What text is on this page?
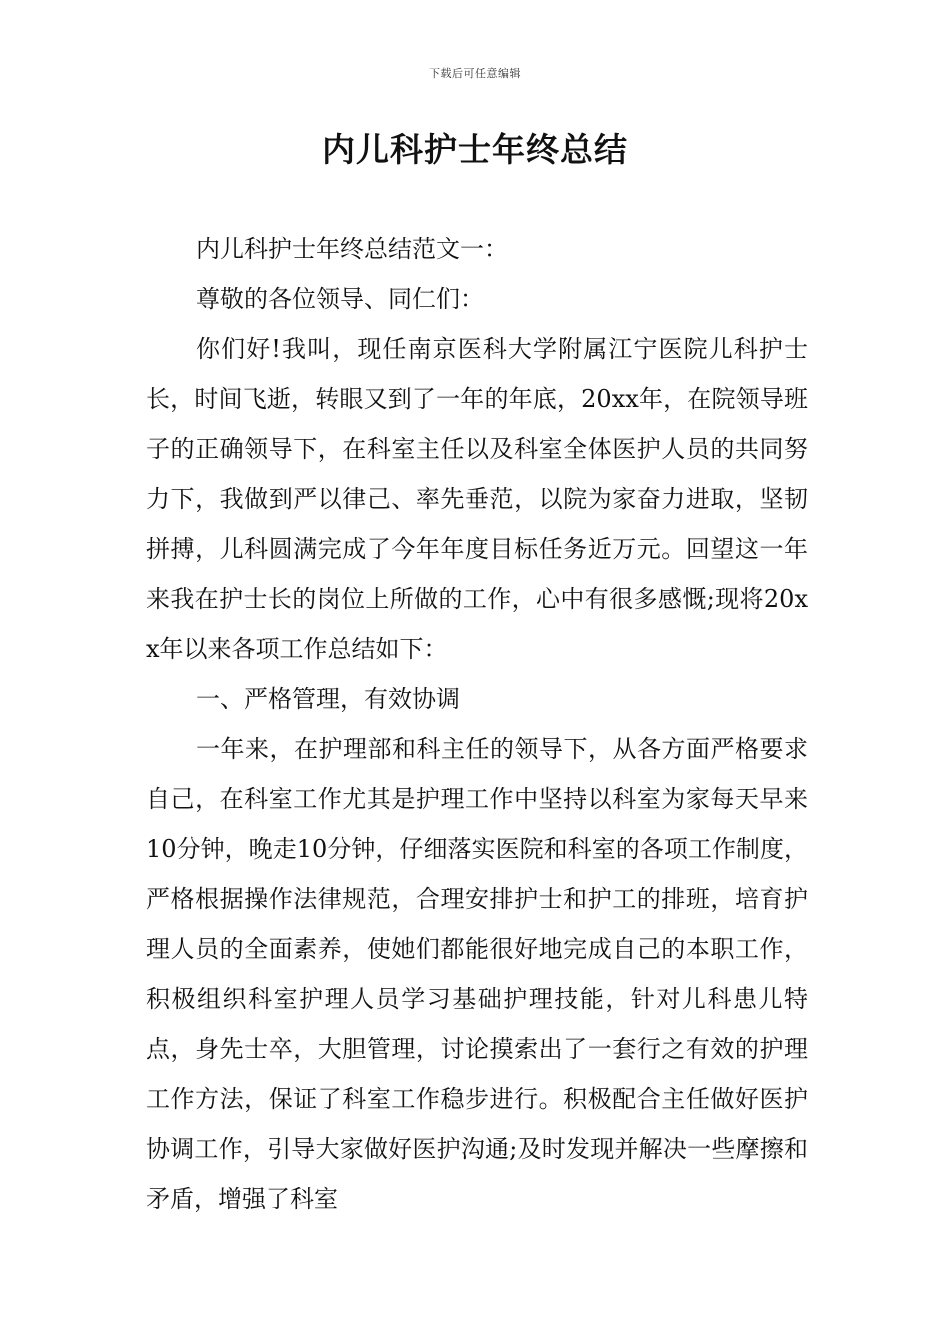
下载后可任意编辑
内儿科护士年终总结

内儿科护士年终总结范文一：

尊敬的各位领导、同仁们：

你们好!我叫，现任南京医科大学附属江宁医院儿科护士长，时间飞逝，转眼又到了一年的年底，20xx年，在院领导班子的正确领导下，在科室主任以及科室全体医护人员的共同努力下，我做到严以律己、率先垂范，以院为家奋力进取，坚韧拼搏，儿科圆满完成了今年年度目标任务近万元。回望这一年来我在护士长的岗位上所做的工作，心中有很多感慨;现将20xx年以来各项工作总结如下：

一、严格管理，有效协调

一年来，在护理部和科主任的领导下，从各方面严格要求自己，在科室工作尤其是护理工作中坚持以科室为家每天早来10分钟，晚走10分钟，仔细落实医院和科室的各项工作制度，严格根据操作法律规范，合理安排护士和护工的排班，培育护理人员的全面素养，使她们都能很好地完成自己的本职工作，积极组织科室护理人员学习基础护理技能，针对儿科患儿特点，身先士卒，大胆管理，讨论摸索出了一套行之有效的护理工作方法，保证了科室工作稳步进行。积极配合主任做好医护协调工作，引导大家做好医护沟通;及时发现并解决一些摩擦和矛盾，增强了科室
